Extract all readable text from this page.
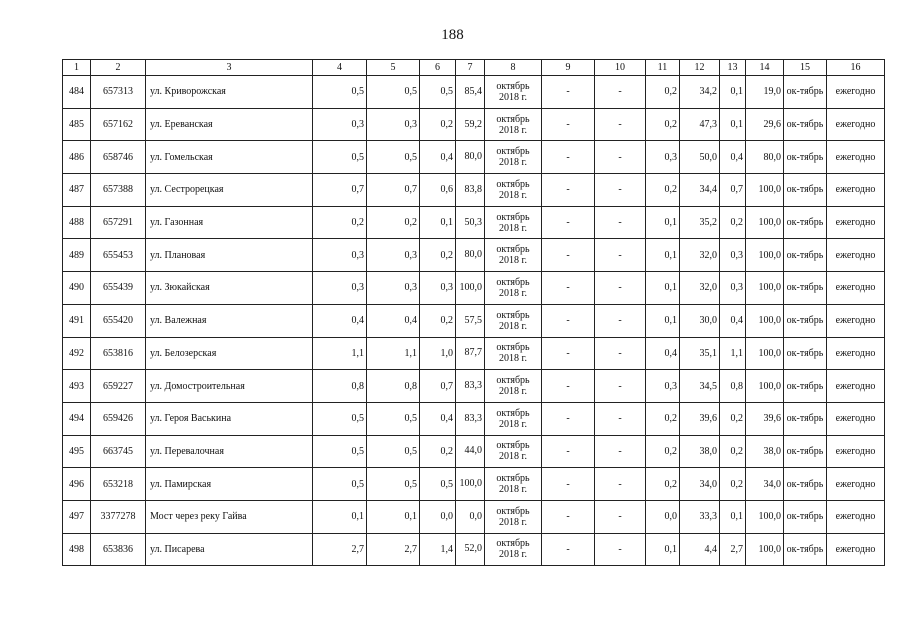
188
1	2	3	4	5	6	7	8	9	10	11	12	13	14	15	16
484	657313	ул. Криворожская	0,5	0,5	0,5	85,4	октябрь 2018 г.	-	-	0,2	34,2	0,1	19,0	ок-тябрь	ежегодно
485	657162	ул. Ереванская	0,3	0,3	0,2	59,2	октябрь 2018 г.	-	-	0,2	47,3	0,1	29,6	ок-тябрь	ежегодно
486	658746	ул. Гомельская	0,5	0,5	0,4	80,0	октябрь 2018 г.	-	-	0,3	50,0	0,4	80,0	ок-тябрь	ежегодно
487	657388	ул. Сестрорецкая	0,7	0,7	0,6	83,8	октябрь 2018 г.	-	-	0,2	34,4	0,7	100,0	ок-тябрь	ежегодно
488	657291	ул. Газонная	0,2	0,2	0,1	50,3	октябрь 2018 г.	-	-	0,1	35,2	0,2	100,0	ок-тябрь	ежегодно
489	655453	ул. Плановая	0,3	0,3	0,2	80,0	октябрь 2018 г.	-	-	0,1	32,0	0,3	100,0	ок-тябрь	ежегодно
490	655439	ул. Зюкайская	0,3	0,3	0,3	100,0	октябрь 2018 г.	-	-	0,1	32,0	0,3	100,0	ок-тябрь	ежегодно
491	655420	ул. Валежная	0,4	0,4	0,2	57,5	октябрь 2018 г.	-	-	0,1	30,0	0,4	100,0	ок-тябрь	ежегодно
492	653816	ул. Белозерская	1,1	1,1	1,0	87,7	октябрь 2018 г.	-	-	0,4	35,1	1,1	100,0	ок-тябрь	ежегодно
493	659227	ул. Домостроительная	0,8	0,8	0,7	83,3	октябрь 2018 г.	-	-	0,3	34,5	0,8	100,0	ок-тябрь	ежегодно
494	659426	ул. Героя Васькина	0,5	0,5	0,4	83,3	октябрь 2018 г.	-	-	0,2	39,6	0,2	39,6	ок-тябрь	ежегодно
495	663745	ул. Перевалочная	0,5	0,5	0,2	44,0	октябрь 2018 г.	-	-	0,2	38,0	0,2	38,0	ок-тябрь	ежегодно
496	653218	ул. Памирская	0,5	0,5	0,5	100,0	октябрь 2018 г.	-	-	0,2	34,0	0,2	34,0	ок-тябрь	ежегодно
497	3377278	Мост через реку Гайва	0,1	0,1	0,0	0,0	октябрь 2018 г.	-	-	0,0	33,3	0,1	100,0	ок-тябрь	ежегодно
498	653836	ул. Писарева	2,7	2,7	1,4	52,0	октябрь 2018 г.	-	-	0,1	4,4	2,7	100,0	ок-тябрь	ежегодно
